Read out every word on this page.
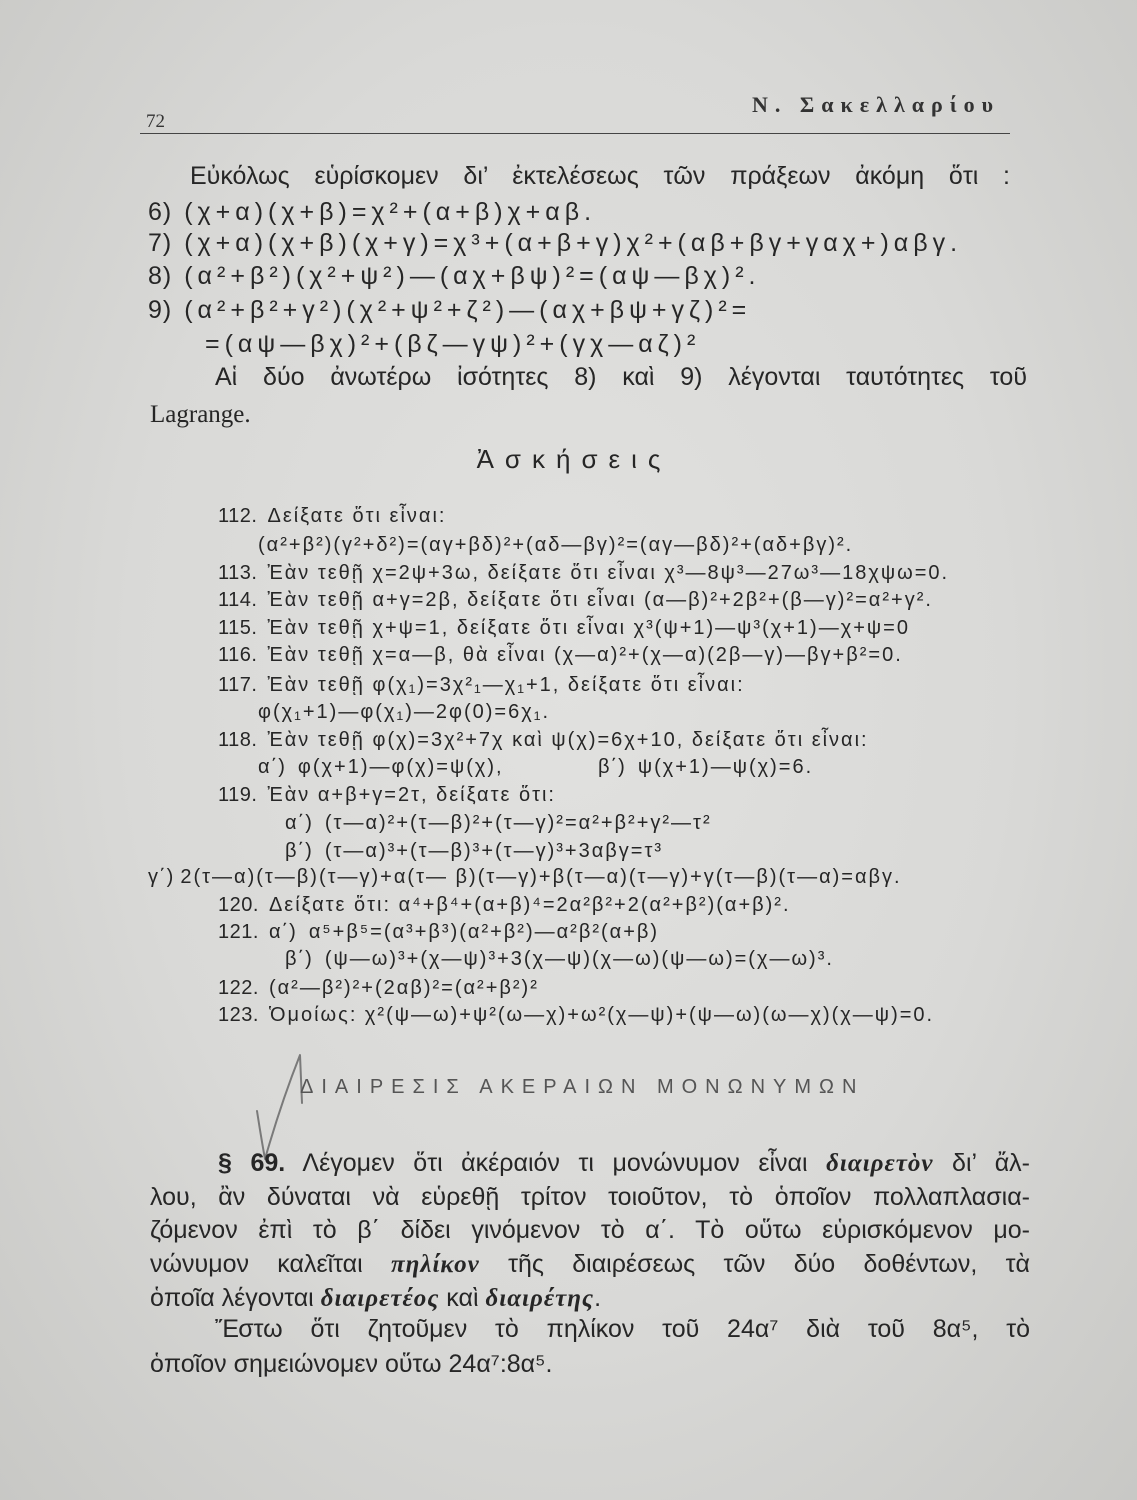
72
Ν. Σακελλαρίου
Εὐκόλως εὑρίσκομεν δι’ ἐκτελέσεως τῶν πράξεων ἀκόμη ὅτι :
6) (χ+α)(χ+β)=χ²+(α+β)χ+αβ.
7) (χ+α)(χ+β)(χ+γ)=χ³+(α+β+γ)χ²+(αβ+βγ+γαχ+)αβγ.
8) (α²+β²)(χ²+ψ²)—(αχ+βψ)²=(αψ—βχ)².
9) (α²+β²+γ²)(χ²+ψ²+ζ²)—(αχ+βψ+γζ)²=
=(αψ—βχ)²+(βζ—γψ)²+(γχ—αζ)²
Αἱ δύο ἀνωτέρω ἰσότητες 8) καὶ 9) λέγονται ταυτότητες τοῦ
Lagrange.
Ἀσκήσεις
112. Δείξατε ὅτι εἶναι:
(α²+β²)(γ²+δ²)=(αγ+βδ)²+(αδ—βγ)²=(αγ—βδ)²+(αδ+βγ)².
113. Ἐὰν τεθῇ χ=2ψ+3ω, δείξατε ὅτι εἶναι χ³—8ψ³—27ω³—18χψω=0.
114. Ἐὰν τεθῇ α+γ=2β, δείξατε ὅτι εἶναι (α—β)²+2β²+(β—γ)²=α²+γ².
115. Ἐὰν τεθῇ χ+ψ=1, δείξατε ὅτι εἶναι χ³(ψ+1)—ψ³(χ+1)—χ+ψ=0
116. Ἐὰν τεθῇ χ=α—β, θὰ εἶναι (χ—α)²+(χ—α)(2β—γ)—βγ+β²=0.
117. Ἐὰν τεθῇ φ(χ₁)=3χ²₁—χ₁+1, δείξατε ὅτι εἶναι:
φ(χ₁+1)—φ(χ₁)—2φ(0)=6χ₁.
118. Ἐὰν τεθῇ φ(χ)=3χ²+7χ καὶ ψ(χ)=6χ+10, δείξατε ὅτι εἶναι:
α΄) φ(χ+1)—φ(χ)=ψ(χ),	β΄) ψ(χ+1)—ψ(χ)=6.
119. Ἐὰν α+β+γ=2τ, δείξατε ὅτι:
α΄) (τ—α)²+(τ—β)²+(τ—γ)²=α²+β²+γ²—τ²
β΄) (τ—α)³+(τ—β)³+(τ—γ)³+3αβγ=τ³
γ΄) 2(τ—α)(τ—β)(τ—γ)+α(τ— β)(τ—γ)+β(τ—α)(τ—γ)+γ(τ—β)(τ—α)=αβγ.
120. Δείξατε ὅτι: α⁴+β⁴+(α+β)⁴=2α²β²+2(α²+β²)(α+β)².
121. α΄) α⁵+β⁵=(α³+β³)(α²+β²)—α²β²(α+β)
β΄) (ψ—ω)³+(χ—ψ)³+3(χ—ψ)(χ—ω)(ψ—ω)=(χ—ω)³.
122. (α²—β²)²+(2αβ)²=(α²+β²)²
123. Ὁμοίως: χ²(ψ—ω)+ψ²(ω—χ)+ω²(χ—ψ)+(ψ—ω)(ω—χ)(χ—ψ)=0.
ΔΙΑΙΡΕΣΙΣ ΑΚΕΡΑΙΩΝ ΜΟΝΩΝΥΜΩΝ
§ 69. Λέγομεν ὅτι ἀκέραιόν τι μονώνυμον εἶναι διαιρετὸν δι’ ἄλ-
λου, ἂν δύναται νὰ εὑρεθῇ τρίτον τοιοῦτον, τὸ ὁποῖον πολλαπλασια-
ζόμενον ἐπὶ τὸ β΄ δίδει γινόμενον τὸ α΄. Τὸ οὕτω εὑρισκόμενον μο-
νώνυμον καλεῖται πηλίκον τῆς διαιρέσεως τῶν δύο δοθέντων, τὰ
ὁποῖα λέγονται διαιρετέος καὶ διαιρέτης.
Ἔστω ὅτι ζητοῦμεν τὸ πηλίκον τοῦ 24α⁷ διὰ τοῦ 8α⁵, τὸ
ὁποῖον σημειώνομεν οὕτω 24α⁷:8α⁵.
